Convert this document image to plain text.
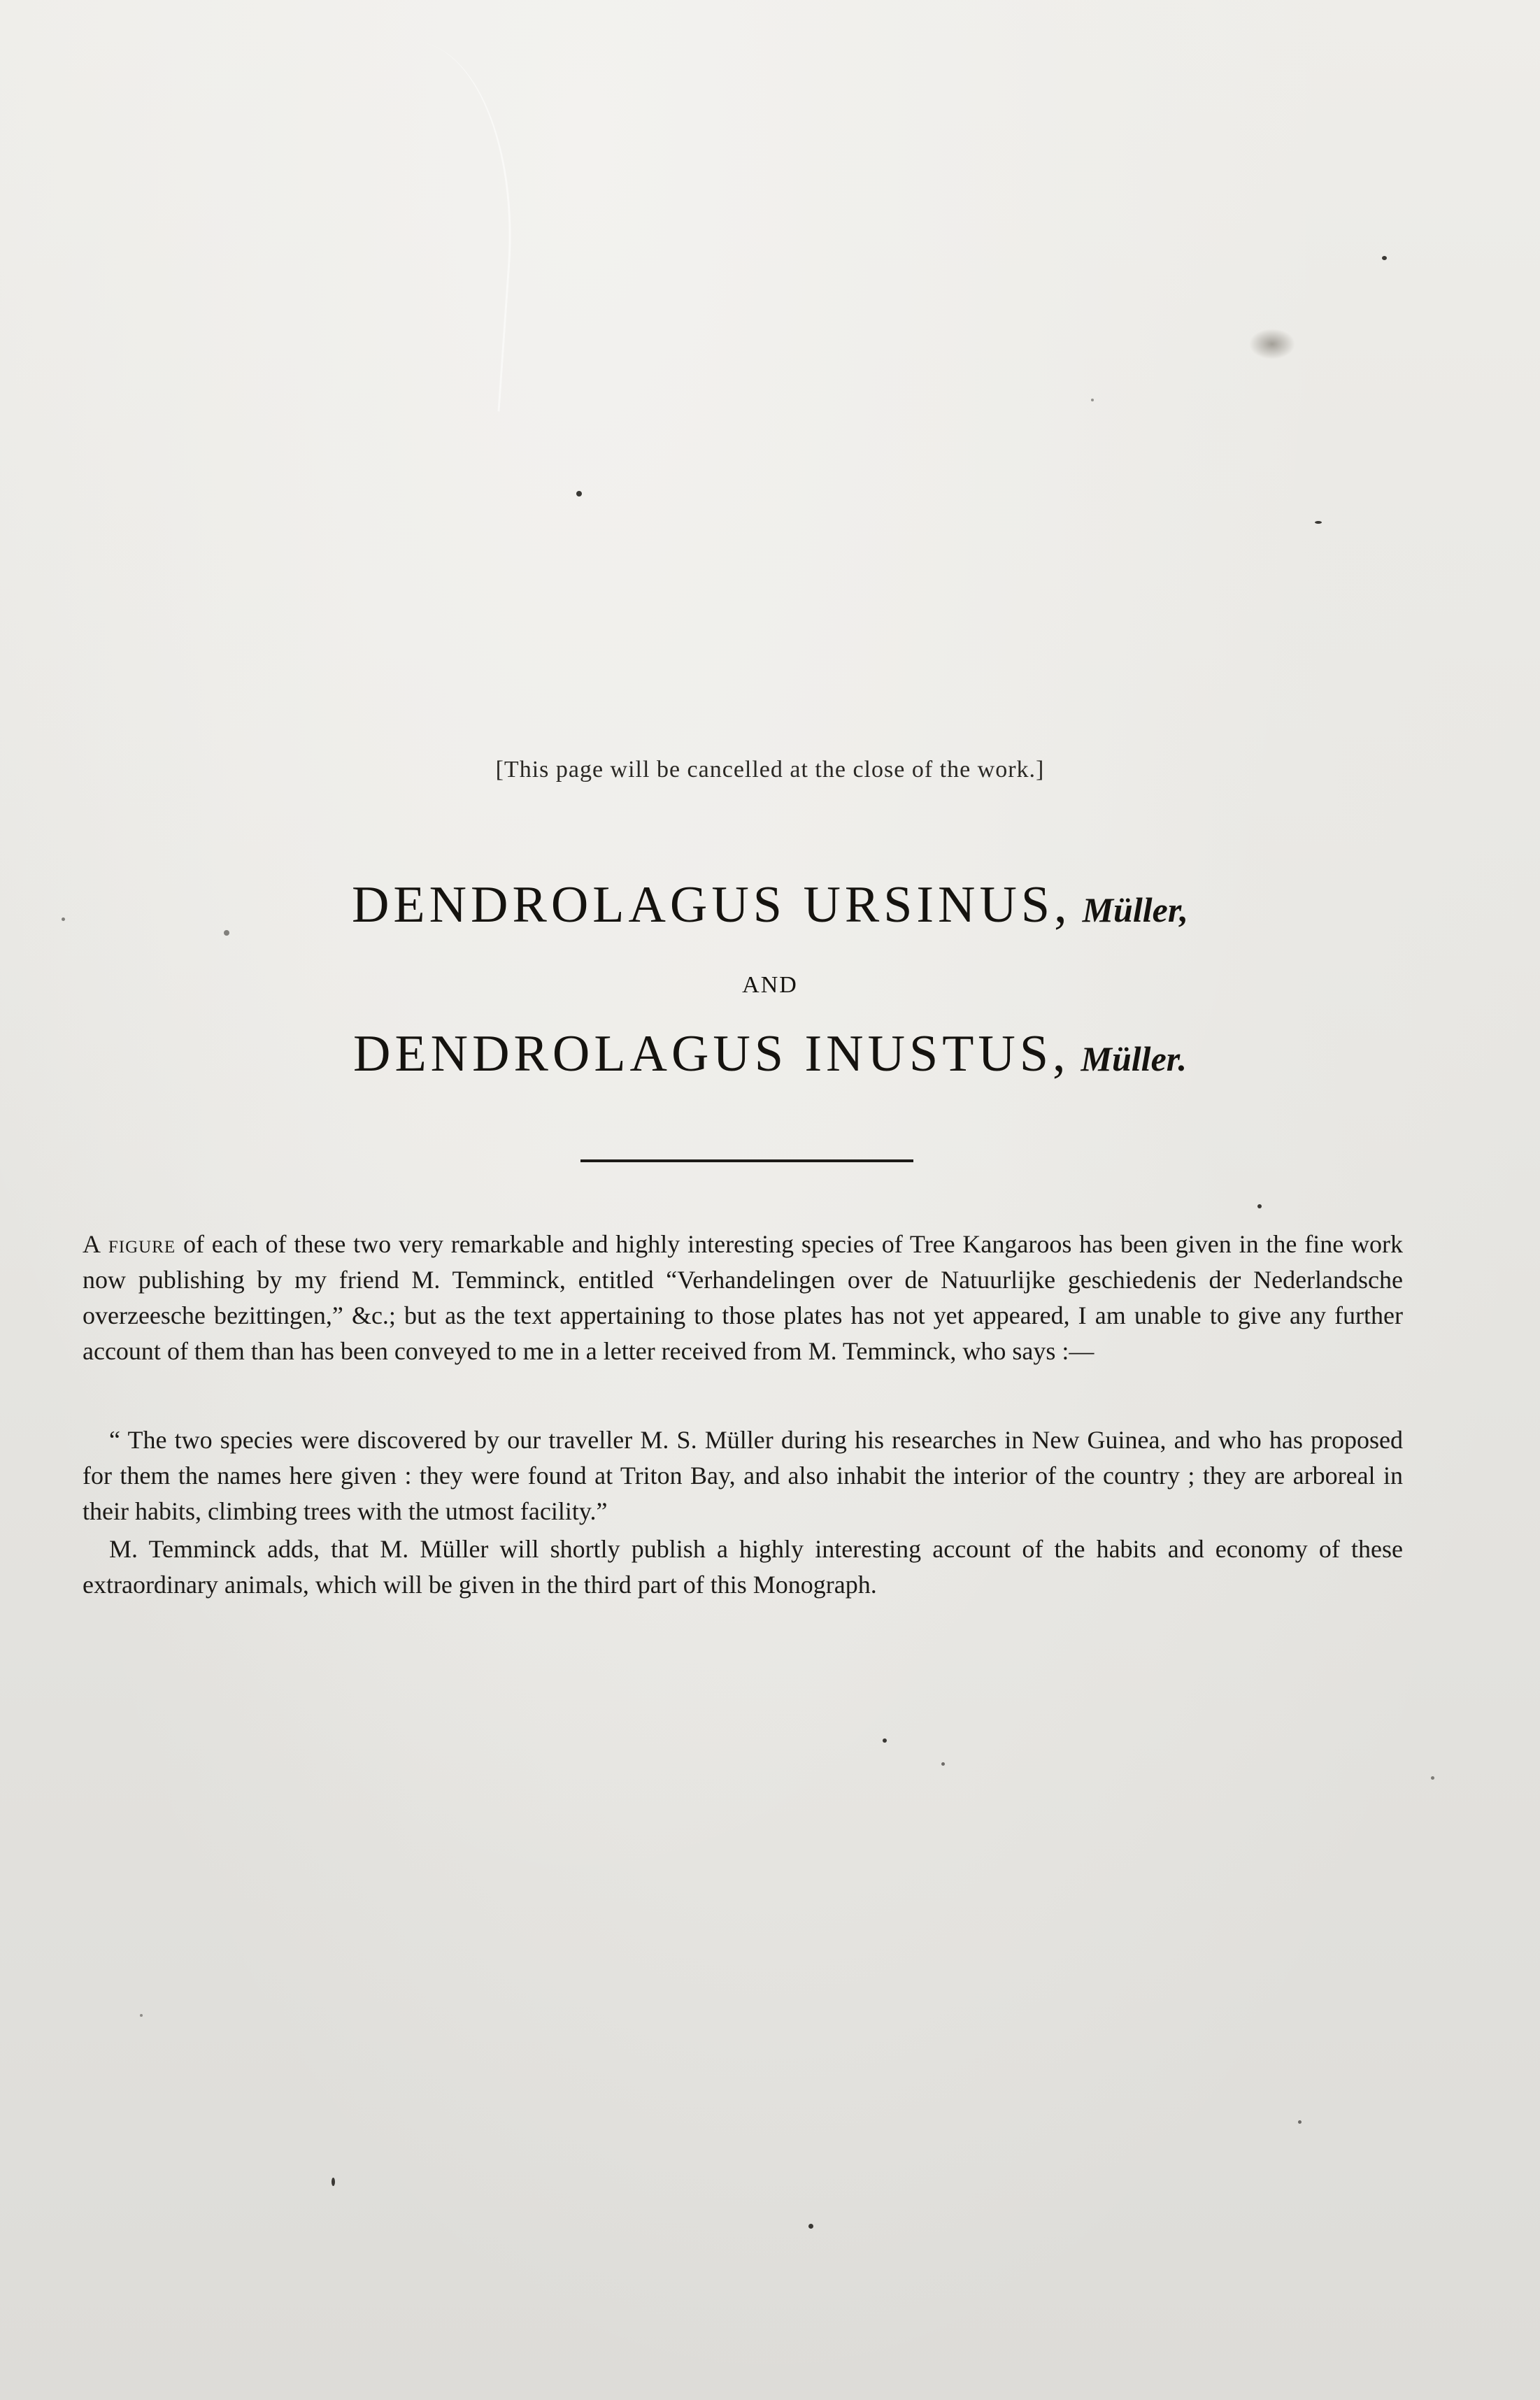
[This page will be cancelled at the close of the work.]
DENDROLAGUS URSINUS, Müller,
AND
DENDROLAGUS INUSTUS, Müller.

A figure of each of these two very remarkable and highly interesting species of Tree Kangaroos has been given in the fine work now publishing by my friend M. Temminck, entitled “Verhandelingen over de Natuurlijke geschiedenis der Nederlandsche overzeesche bezittingen,” &c.; but as the text appertaining to those plates has not yet appeared, I am unable to give any further account of them than has been conveyed to me in a letter received from M. Temminck, who says :—

“ The two species were discovered by our traveller M. S. Müller during his researches in New Guinea, and who has proposed for them the names here given : they were found at Triton Bay, and also inhabit the interior of the country ; they are arboreal in their habits, climbing trees with the utmost facility.”

M. Temminck adds, that M. Müller will shortly publish a highly interesting account of the habits and economy of these extraordinary animals, which will be given in the third part of this Monograph.
